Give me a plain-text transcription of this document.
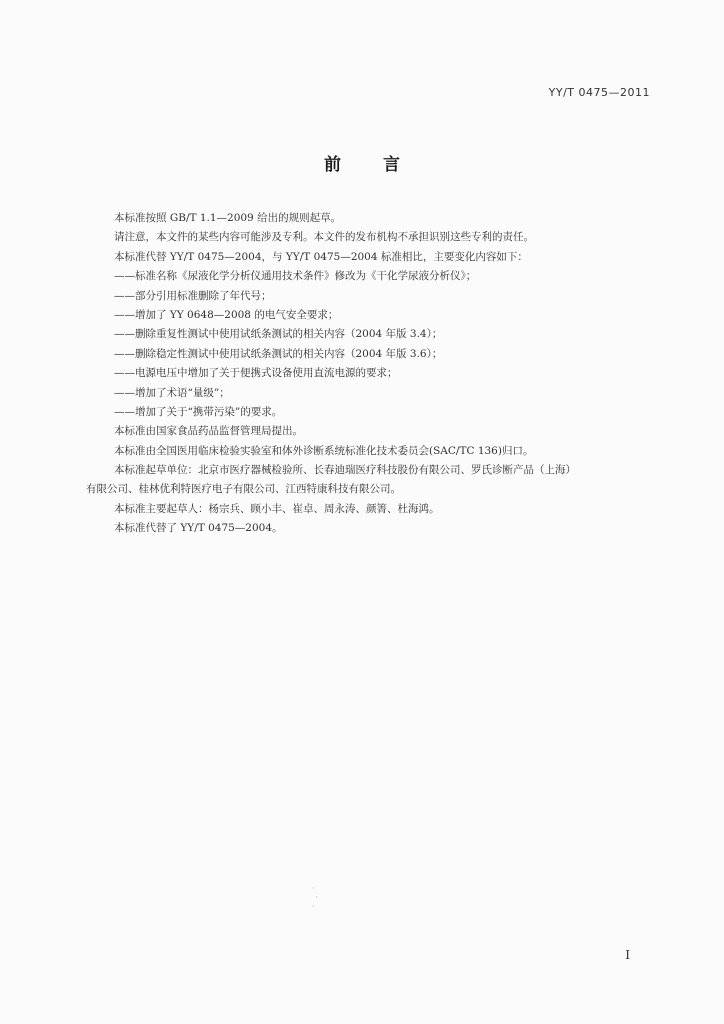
YY/T 0475—2011
前言
本标准按照 GB/T 1.1—2009 给出的规则起草。
请注意，本文件的某些内容可能涉及专利。本文件的发布机构不承担识别这些专利的责任。
本标准代替 YY/T 0475—2004，与 YY/T 0475—2004 标准相比，主要变化内容如下：
——标准名称《尿液化学分析仪通用技术条件》修改为《干化学尿液分析仪》；
——部分引用标准删除了年代号；
——增加了 YY 0648—2008 的电气安全要求；
——删除重复性测试中使用试纸条测试的相关内容（2004 年版 3.4）；
——删除稳定性测试中使用试纸条测试的相关内容（2004 年版 3.6）；
——电源电压中增加了关于便携式设备使用直流电源的要求；
——增加了术语“量级”；
——增加了关于“携带污染”的要求。
本标准由国家食品药品监督管理局提出。
本标准由全国医用临床检验实验室和体外诊断系统标准化技术委员会(SAC/TC 136)归口。
本标准起草单位：北京市医疗器械检验所、长春迪瑞医疗科技股份有限公司、罗氏诊断产品（上海）
有限公司、桂林优利特医疗电子有限公司、江西特康科技有限公司。
本标准主要起草人：杨宗兵、顾小丰、崔卓、周永涛、颜箐、杜海鸿。
本标准代替了 YY/T 0475—2004。
·
·
·
I
